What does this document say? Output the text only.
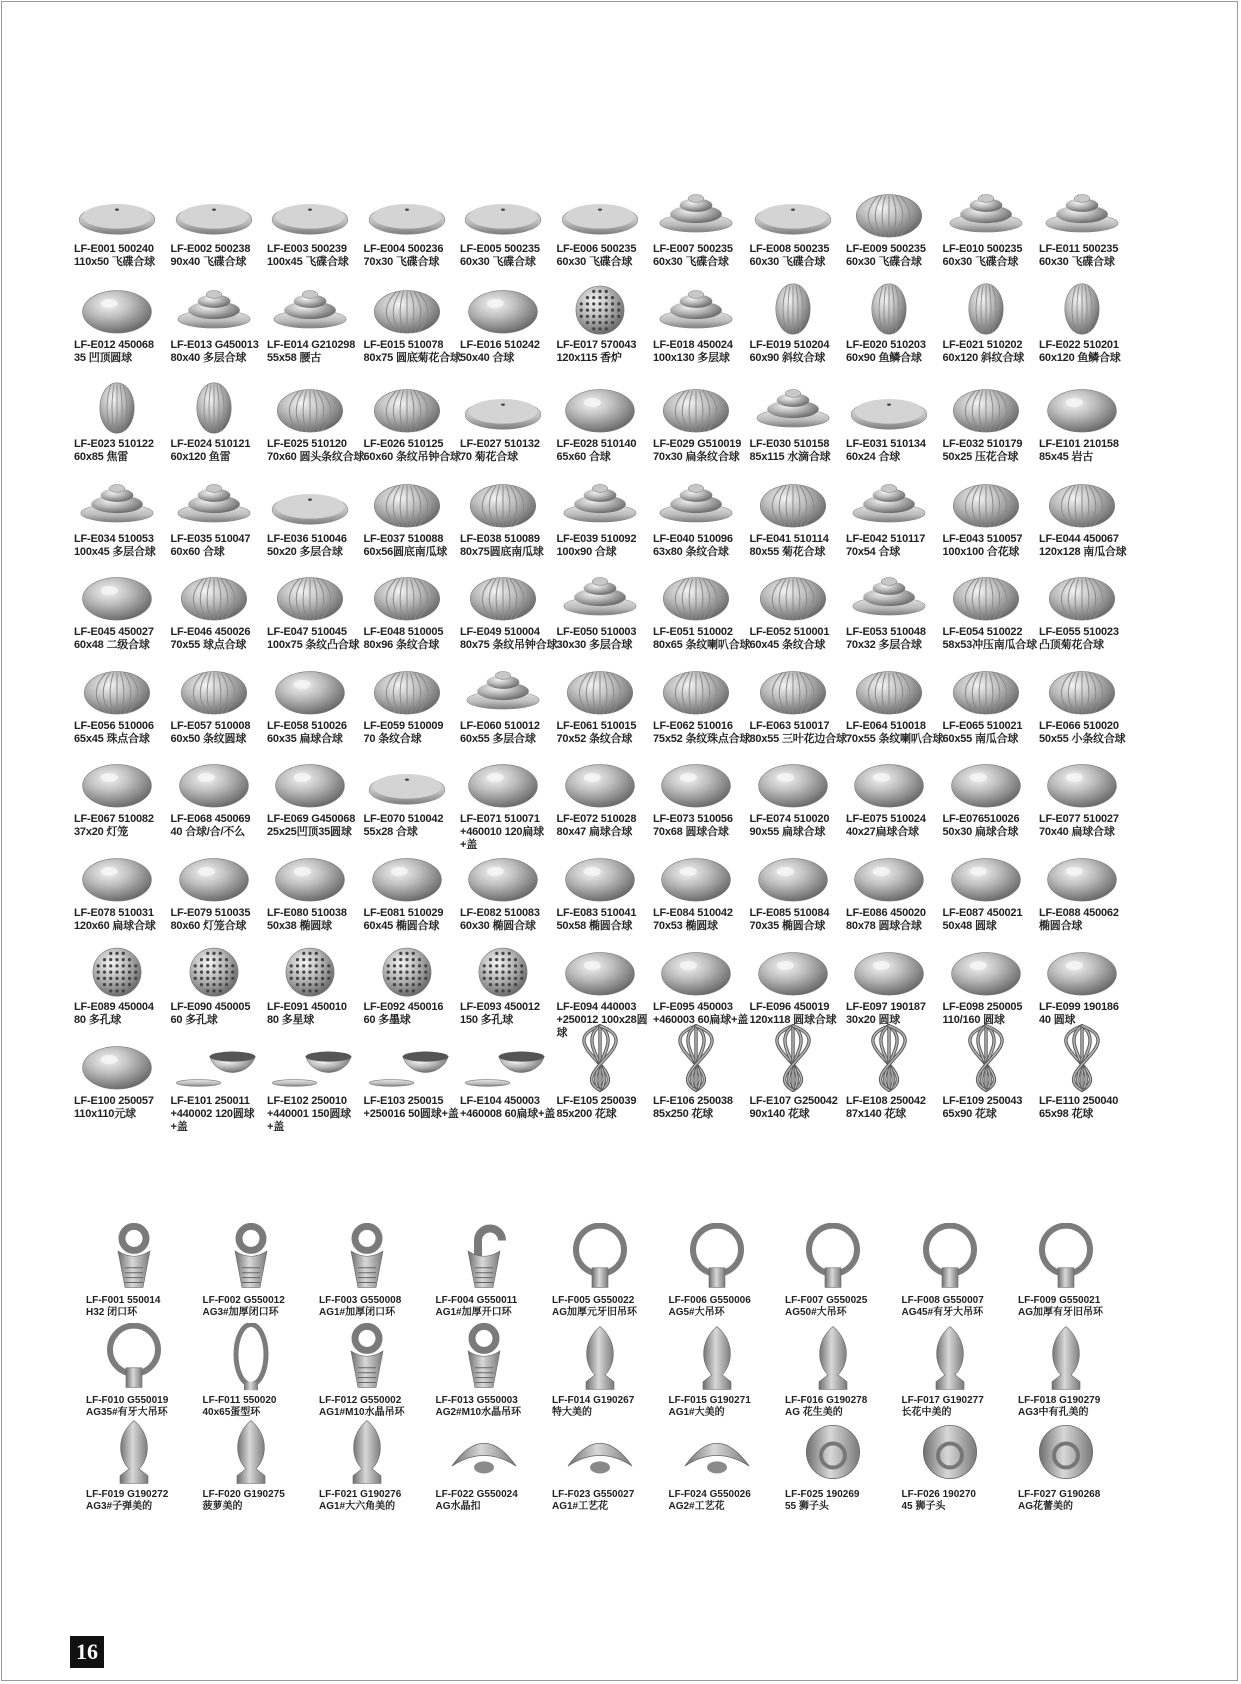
LF-E001 500240
110x50 飞碟合球
LF-E002 500238
90x40 飞碟合球
LF-E003 500239
100x45 飞碟合球
LF-E004 500236
70x30 飞碟合球
LF-E005 500235
60x30 飞碟合球
LF-E006 500235
60x30 飞碟合球
LF-E007 500235
60x30 飞碟合球
LF-E008 500235
60x30 飞碟合球
LF-E009 500235
60x30 飞碟合球
LF-E010 500235
60x30 飞碟合球
LF-E011 500235
60x30 飞碟合球
LF-E012 450068
35 凹顶圆球
LF-E013 G450013
80x40 多层合球
LF-E014 G210298
55x58 腰古
LF-E015 510078
80x75 圆底菊花合球
LF-E016 510242
50x40 合球
LF-E017 570043
120x115 香炉
LF-E018 450024
100x130 多层球
LF-E019 510204
60x90 斜纹合球
LF-E020 510203
60x90 鱼鳞合球
LF-E021 510202
60x120 斜纹合球
LF-E022 510201
60x120 鱼鳞合球
LF-E023 510122
60x85 焦雷
LF-E024 510121
60x120 鱼雷
LF-E025 510120
70x60 圆头条纹合球
LF-E026 510125
60x60 条纹吊钟合球
LF-E027 510132
70 菊花合球
LF-E028 510140
65x60 合球
LF-E029 G510019
70x30 扁条纹合球
LF-E030 510158
85x115 水滴合球
LF-E031 510134
60x24 合球
LF-E032 510179
50x25 压花合球
LF-E101 210158
85x45 岩古
LF-E034 510053
100x45 多层合球
LF-E035 510047
60x60 合球
LF-E036 510046
50x20 多层合球
LF-E037 510088
60x56圆底南瓜球
LF-E038 510089
80x75圆底南瓜球
LF-E039 510092
100x90 合球
LF-E040 510096
63x80 条纹合球
LF-E041 510114
80x55 菊花合球
LF-E042 510117
70x54 合球
LF-E043 510057
100x100 合花球
LF-E044 450067
120x128 南瓜合球
LF-E045 450027
60x48 二级合球
LF-E046 450026
70x55 球点合球
LF-E047 510045
100x75 条纹凸合球
LF-E048 510005
80x96 条纹合球
LF-E049 510004
80x75 条纹吊钟合球
LF-E050 510003
30x30 多层合球
LF-E051 510002
80x65 条纹喇叭合球
LF-E052 510001
60x45 条纹合球
LF-E053 510048
70x32 多层合球
LF-E054 510022
58x53冲压南瓜合球
LF-E055 510023
凸顶菊花合球
LF-E056 510006
65x45 珠点合球
LF-E057 510008
60x50 条纹圆球
LF-E058 510026
60x35 扁球合球
LF-E059 510009
70 条纹合球
LF-E060 510012
60x55 多层合球
LF-E061 510015
70x52 条纹合球
LF-E062 510016
75x52 条纹珠点合球
LF-E063 510017
80x55 三叶花边合球
LF-E064 510018
70x55 条纹喇叭合球
LF-E065 510021
60x55 南瓜合球
LF-E066 510020
50x55 小条纹合球
LF-E067 510082
37x20 灯笼
LF-E068 450069
40 合球/合/不么
LF-E069 G450068
25x25凹顶35圆球
LF-E070 510042
55x28 合球
LF-E071 510071
+460010 120扁球+盖
LF-E072 510028
80x47 扁球合球
LF-E073 510056
70x68 圆球合球
LF-E074 510020
90x55 扁球合球
LF-E075 510024
40x27扁球合球
LF-E076510026
50x30 扁球合球
LF-E077 510027
70x40 扁球合球
LF-E078 510031
120x60 扁球合球
LF-E079 510035
80x60 灯笼合球
LF-E080 510038
50x38 椭圆球
LF-E081 510029
60x45 椭圆合球
LF-E082 510083
60x30 椭圆合球
LF-E083 510041
50x58 椭圆合球
LF-E084 510042
70x53 椭圆球
LF-E085 510084
70x35 椭圆合球
LF-E086 450020
80x78 圆球合球
LF-E087 450021
50x48 圆球
LF-E088 450062
椭圆合球
LF-E089 450004
80 多孔球
LF-E090 450005
60 多孔球
LF-E091 450010
80 多星球
LF-E092 450016
60 多墨球
LF-E093 450012
150 多孔球
LF-E094 440003
+250012 100x28圆球
LF-E095 450003
+460003 60扁球+盖
LF-E096 450019
120x118 圆球合球
LF-E097 190187
30x20 圆球
LF-E098 250005
110/160 圆球
LF-E099 190186
40 圆球
LF-E100 250057
110x110元球
LF-E101 250011
+440002 120圆球+盖
LF-E102 250010
+440001 150圆球+盖
LF-E103 250015
+250016 50圆球+盖
LF-E104 450003
+460008 60扁球+盖
LF-E105 250039
85x200 花球
LF-E106 250038
85x250 花球
LF-E107 G250042
90x140 花球
LF-E108 250042
87x140 花球
LF-E109 250043
65x90 花球
LF-E110 250040
65x98 花球
LF-F001 550014
H32 闭口环
LF-F002 G550012
AG3#加厚闭口环
LF-F003 G550008
AG1#加厚闭口环
LF-F004 G550011
AG1#加厚开口环
LF-F005 G550022
AG加厚元牙旧吊环
LF-F006 G550006
AG5#大吊环
LF-F007 G550025
AG50#大吊环
LF-F008 G550007
AG45#有牙大吊环
LF-F009 G550021
AG加厚有牙旧吊环
LF-F010 G550019
AG35#有牙大吊环
LF-F011 550020
40x65蛋型环
LF-F012 G550002
AG1#M10水晶吊环
LF-F013 G550003
AG2#M10水晶吊环
LF-F014 G190267
特大美的
LF-F015 G190271
AG1#大美的
LF-F016 G190278
AG 花生美的
LF-F017 G190277
长花中美的
LF-F018 G190279
AG3中有孔美的
LF-F019 G190272
AG3#子弹美的
LF-F020 G190275
菠萝美的
LF-F021 G190276
AG1#大六角美的
LF-F022 G550024
AG水晶扣
LF-F023 G550027
AG1#工艺花
LF-F024 G550026
AG2#工艺花
LF-F025 190269
55 狮子头
LF-F026 190270
45 狮子头
LF-F027 G190268
AG花蕾美的
16
